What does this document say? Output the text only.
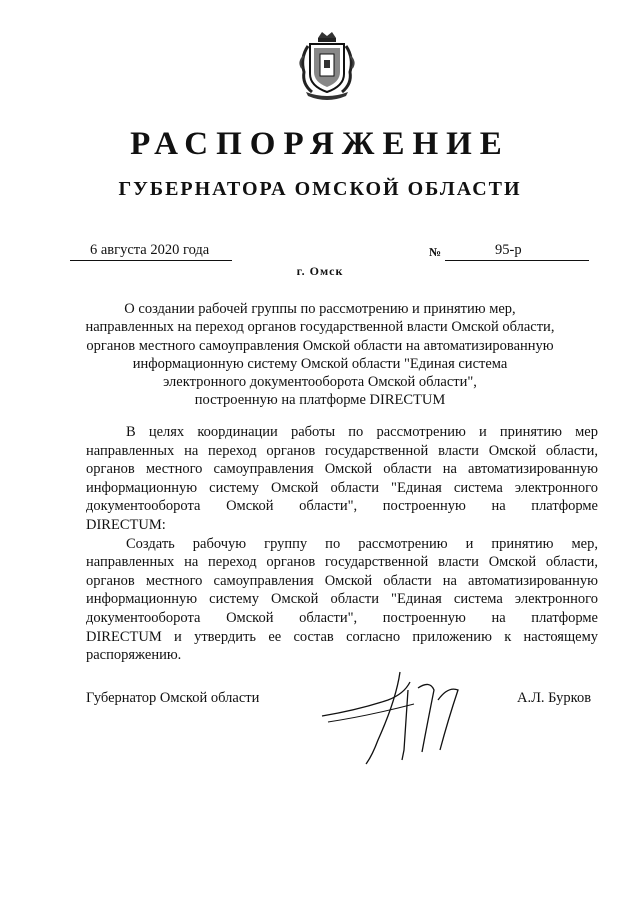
РАСПОРЯЖЕНИЕ
ГУБЕРНАТОРА ОМСКОЙ ОБЛАСТИ
6 августа 2020 года	№	95-р
г. Омск
О создании рабочей группы по рассмотрению и принятию мер,
направленных на переход органов государственной власти Омской области,
органов местного самоуправления Омской области на автоматизированную
информационную систему Омской области "Единая система
электронного документооборота Омской области",
построенную на платформе DIRECTUM
В целях координации работы по рассмотрению и принятию мер
направленных на переход органов государственной власти Омской области,
органов местного самоуправления Омской области на автоматизированную
информационную систему Омской области "Единая система электронного
документооборота Омской области", построенную на платформе
DIRECTUM:
Создать рабочую группу по рассмотрению и принятию мер,
направленных на переход органов государственной власти Омской области,
органов местного самоуправления Омской области на автоматизированную
информационную систему Омской области "Единая система электронного
документооборота Омской области", построенную на платформе
DIRECTUM и утвердить ее состав согласно приложению к настоящему
распоряжению.
Губернатор Омской области	А.Л. Бурков
